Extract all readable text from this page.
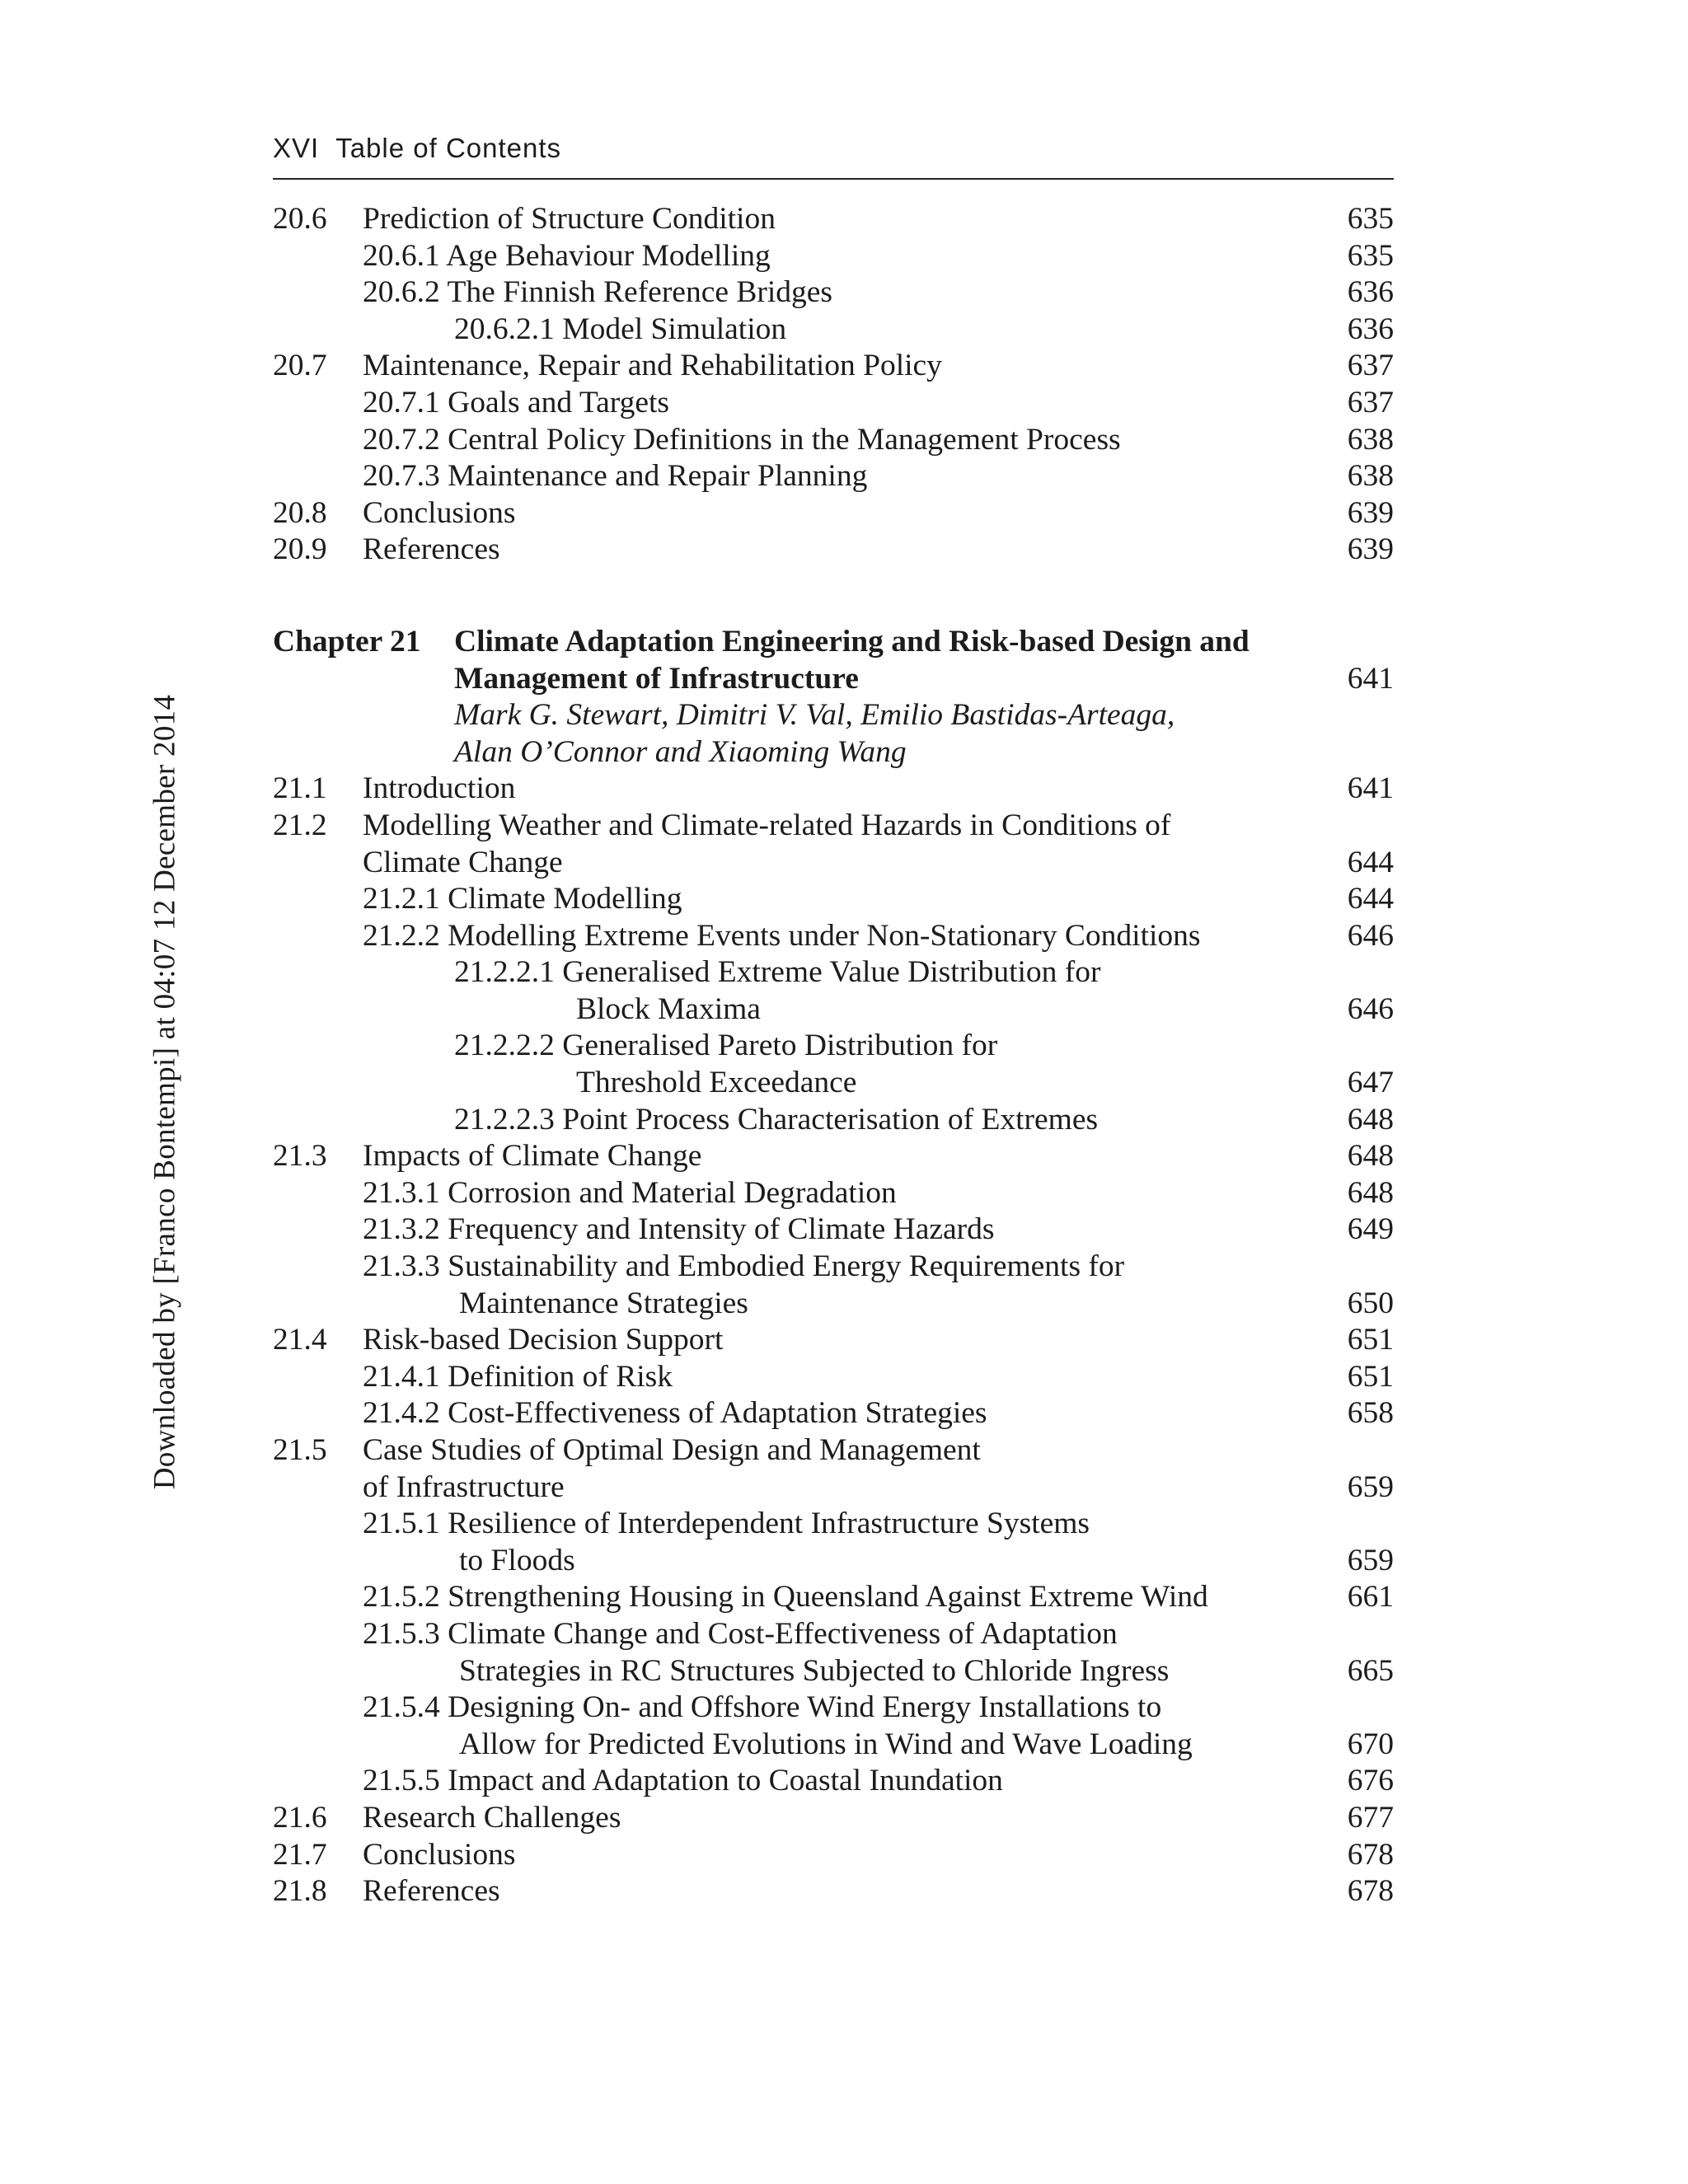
XVI Table of Contents
Downloaded by [Franco Bontempi] at 04:07 12 December 2014
20.6 Prediction of Structure Condition	635
20.6.1 Age Behaviour Modelling	635
20.6.2 The Finnish Reference Bridges	636
20.6.2.1 Model Simulation	636
20.7 Maintenance, Repair and Rehabilitation Policy	637
20.7.1 Goals and Targets	637
20.7.2 Central Policy Definitions in the Management Process	638
20.7.3 Maintenance and Repair Planning	638
20.8 Conclusions	639
20.9 References	639
Chapter 21 Climate Adaptation Engineering and Risk-based Design and
Management of Infrastructure	641
Mark G. Stewart, Dimitri V. Val, Emilio Bastidas-Arteaga,
Alan O’Connor and Xiaoming Wang
21.1 Introduction	641
21.2 Modelling Weather and Climate-related Hazards in Conditions of
Climate Change	644
21.2.1 Climate Modelling	644
21.2.2 Modelling Extreme Events under Non-Stationary Conditions	646
21.2.2.1 Generalised Extreme Value Distribution for
Block Maxima	646
21.2.2.2 Generalised Pareto Distribution for
Threshold Exceedance	647
21.2.2.3 Point Process Characterisation of Extremes	648
21.3 Impacts of Climate Change	648
21.3.1 Corrosion and Material Degradation	648
21.3.2 Frequency and Intensity of Climate Hazards	649
21.3.3 Sustainability and Embodied Energy Requirements for
Maintenance Strategies	650
21.4 Risk-based Decision Support	651
21.4.1 Definition of Risk	651
21.4.2 Cost-Effectiveness of Adaptation Strategies	658
21.5 Case Studies of Optimal Design and Management
of Infrastructure	659
21.5.1 Resilience of Interdependent Infrastructure Systems
to Floods	659
21.5.2 Strengthening Housing in Queensland Against Extreme Wind	661
21.5.3 Climate Change and Cost-Effectiveness of Adaptation
Strategies in RC Structures Subjected to Chloride Ingress	665
21.5.4 Designing On- and Offshore Wind Energy Installations to
Allow for Predicted Evolutions in Wind and Wave Loading	670
21.5.5 Impact and Adaptation to Coastal Inundation	676
21.6 Research Challenges	677
21.7 Conclusions	678
21.8 References	678
